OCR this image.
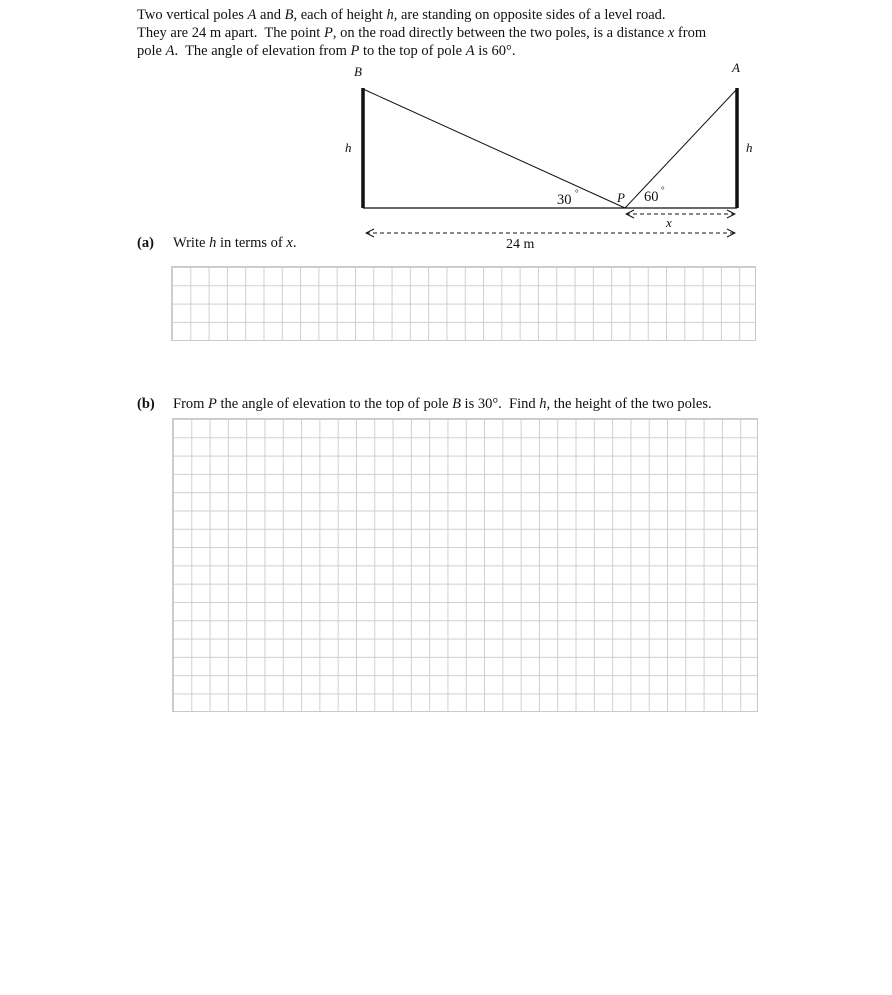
Two vertical poles A and B, each of height h, are standing on opposite sides of a level road.

They are 24 m apart.  The point P, on the road directly between the two poles, is a distance x from

pole A.  The angle of elevation from P to the top of pole A is 60°.

B	A
h	h
P
30 °	60 °
x
24 m
(a) Write h in terms of x.
(b) From P the angle of elevation to the top of pole B is 30°.  Find h, the height of the two poles.
